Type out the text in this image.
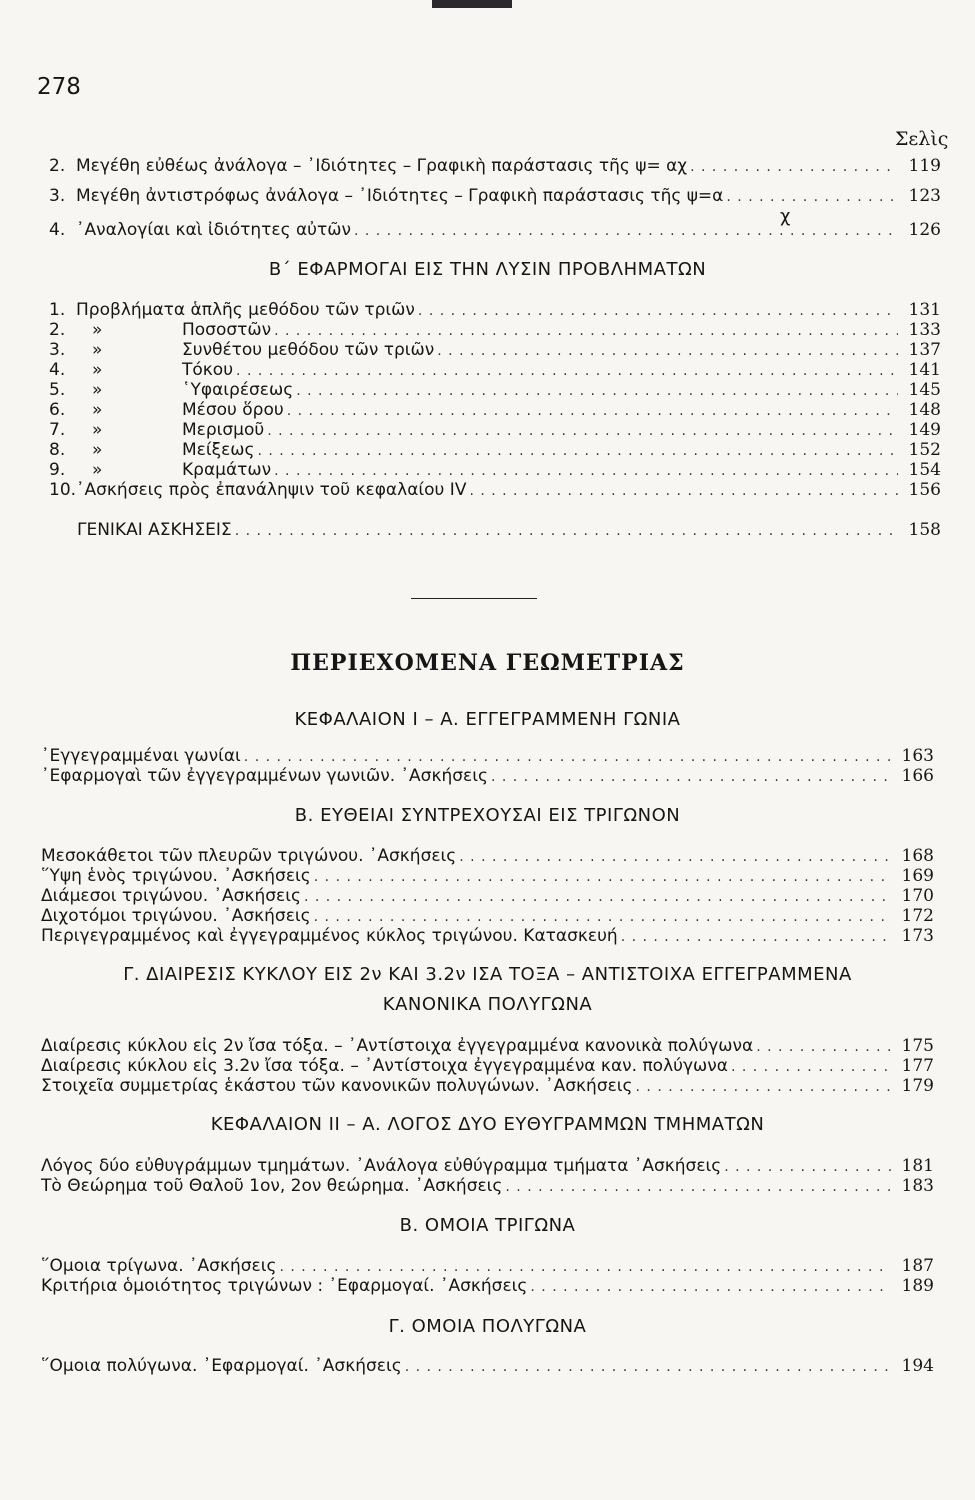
278
Σελὶς
2. Μεγέθη εὐθέως ἀνάλογα – ᾿Ιδιότητες – Γραφικὴ παράστασις τῆς ψ= αχ . . .	119
3. Μεγέθη ἀντιστρόφως ἀνάλογα – ᾿Ιδιότητες – Γραφικὴ παράστασις τῆς ψ=α . . .	123
χ
4. ᾿Αναλογίαι καὶ ἰδιότητες αὐτῶν . . .	126
Β΄ ΕΦΑΡΜΟΓΑΙ ΕΙΣ ΤΗΝ ΛΥΣΙΝ ΠΡΟΒΛΗΜΑΤΩΝ
1. Προβλήματα ἁπλῆς μεθόδου τῶν τριῶν . . .	131
2.	»	Ποσοστῶν . . .	133
3.	»	Συνθέτου μεθόδου τῶν τριῶν . . .	137
4.	»	Τόκου . . .	141
5.	»	῾Υφαιρέσεως . . .	145
6.	»	Μέσου ὅρου . . .	148
7.	»	Μερισμοῦ . . .	149
8.	»	Μείξεως . . .	152
9.	»	Κραμάτων . . .	154
10. ᾿Ασκήσεις πρὸς ἐπανάληψιν τοῦ κεφαλαίου IV . . .	156
ΓΕΝΙΚΑΙ ΑΣΚΗΣΕΙΣ . . .	158
ΠΕΡΙΕΧΟΜΕΝΑ ΓΕΩΜΕΤΡΙΑΣ
ΚΕΦΑΛΑΙΟΝ Ι – Α. ΕΓΓΕΓΡΑΜΜΕΝΗ ΓΩΝΙΑ
᾿Εγγεγραμμέναι γωνίαι . . .	163
᾿Εφαρμογαὶ τῶν ἐγγεγραμμένων γωνιῶν. ᾿Ασκήσεις . . .	166
Β. ΕΥΘΕΙΑΙ ΣΥΝΤΡΕΧΟΥΣΑΙ ΕΙΣ ΤΡΙΓΩΝΟΝ
Μεσοκάθετοι τῶν πλευρῶν τριγώνου. ᾿Ασκήσεις . . .	168
῞Υψη ἑνὸς τριγώνου. ᾿Ασκήσεις . . .	169
Διάμεσοι τριγώνου. ᾿Ασκήσεις . . .	170
Διχοτόμοι τριγώνου. ᾿Ασκήσεις . . .	172
Περιγεγραμμένος καὶ ἐγγεγραμμένος κύκλος τριγώνου. Κατασκευή . . .	173
Γ. ΔΙΑΙΡΕΣΙΣ ΚΥΚΛΟΥ ΕΙΣ 2ν ΚΑΙ 3.2ν ΙΣΑ ΤΟΞΑ – ΑΝΤΙΣΤΟΙΧΑ ΕΓΓΕΓΡΑΜΜΕΝΑ
ΚΑΝΟΝΙΚΑ ΠΟΛΥΓΩΝΑ
Διαίρεσις κύκλου εἰς 2ν ἴσα τόξα. – ᾿Αντίστοιχα ἐγγεγραμμένα κανονικὰ πολύγωνα . . .	175
Διαίρεσις κύκλου εἰς 3.2ν ἴσα τόξα. – ᾿Αντίστοιχα ἐγγεγραμμένα καν. πολύγωνα . . .	177
Στοιχεῖα συμμετρίας ἑκάστου τῶν κανονικῶν πολυγώνων. ᾿Ασκήσεις . . .	179
ΚΕΦΑΛΑΙΟΝ ΙΙ – Α. ΛΟΓΟΣ ΔΥΟ ΕΥΘΥΓΡΑΜΜΩΝ ΤΜΗΜΑΤΩΝ
Λόγος δύο εὐθυγράμμων τμημάτων. ᾿Ανάλογα εὐθύγραμμα τμήματα ᾿Ασκήσεις . . .	181
Τὸ Θεώρημα τοῦ Θαλοῦ 1ον, 2ον θεώρημα. ᾿Ασκήσεις . . .	183
Β. ΟΜΟΙΑ ΤΡΙΓΩΝΑ
῞Ομοια τρίγωνα. ᾿Ασκήσεις . . .	187
Κριτήρια ὁμοιότητος τριγώνων : ᾿Εφαρμογαί. ᾿Ασκήσεις . . .	189
Γ. ΟΜΟΙΑ ΠΟΛΥΓΩΝΑ
῞Ομοια πολύγωνα. ᾿Εφαρμογαί. ᾿Ασκήσεις . . .	194
